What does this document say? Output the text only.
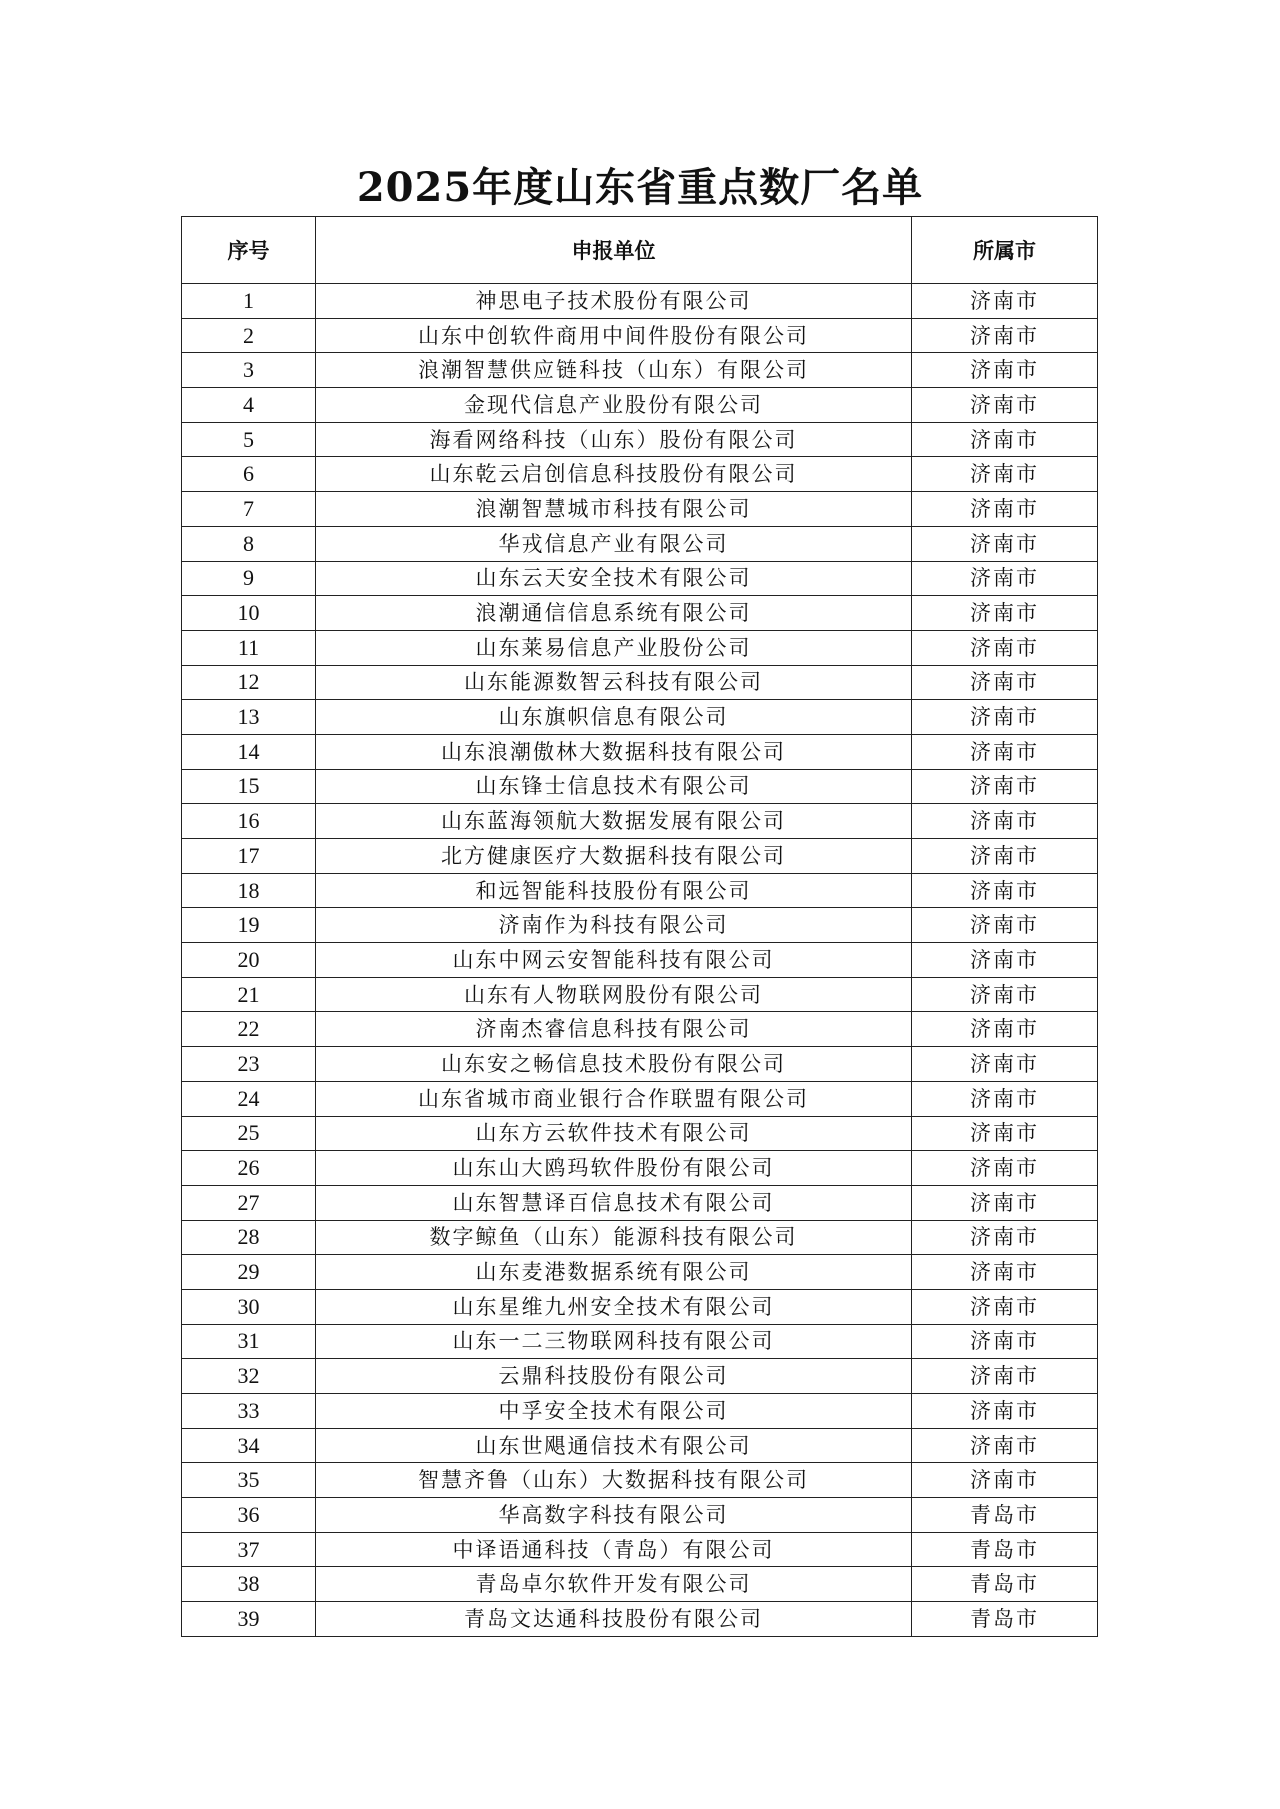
2025年度山东省重点数厂名单
序号	申报单位	所属市
1	神思电子技术股份有限公司	济南市
2	山东中创软件商用中间件股份有限公司	济南市
3	浪潮智慧供应链科技（山东）有限公司	济南市
4	金现代信息产业股份有限公司	济南市
5	海看网络科技（山东）股份有限公司	济南市
6	山东乾云启创信息科技股份有限公司	济南市
7	浪潮智慧城市科技有限公司	济南市
8	华戎信息产业有限公司	济南市
9	山东云天安全技术有限公司	济南市
10	浪潮通信信息系统有限公司	济南市
11	山东莱易信息产业股份公司	济南市
12	山东能源数智云科技有限公司	济南市
13	山东旗帜信息有限公司	济南市
14	山东浪潮傲林大数据科技有限公司	济南市
15	山东锋士信息技术有限公司	济南市
16	山东蓝海领航大数据发展有限公司	济南市
17	北方健康医疗大数据科技有限公司	济南市
18	和远智能科技股份有限公司	济南市
19	济南作为科技有限公司	济南市
20	山东中网云安智能科技有限公司	济南市
21	山东有人物联网股份有限公司	济南市
22	济南杰睿信息科技有限公司	济南市
23	山东安之畅信息技术股份有限公司	济南市
24	山东省城市商业银行合作联盟有限公司	济南市
25	山东方云软件技术有限公司	济南市
26	山东山大鸥玛软件股份有限公司	济南市
27	山东智慧译百信息技术有限公司	济南市
28	数字鲸鱼（山东）能源科技有限公司	济南市
29	山东麦港数据系统有限公司	济南市
30	山东星维九州安全技术有限公司	济南市
31	山东一二三物联网科技有限公司	济南市
32	云鼎科技股份有限公司	济南市
33	中孚安全技术有限公司	济南市
34	山东世飓通信技术有限公司	济南市
35	智慧齐鲁（山东）大数据科技有限公司	济南市
36	华高数字科技有限公司	青岛市
37	中译语通科技（青岛）有限公司	青岛市
38	青岛卓尔软件开发有限公司	青岛市
39	青岛文达通科技股份有限公司	青岛市
